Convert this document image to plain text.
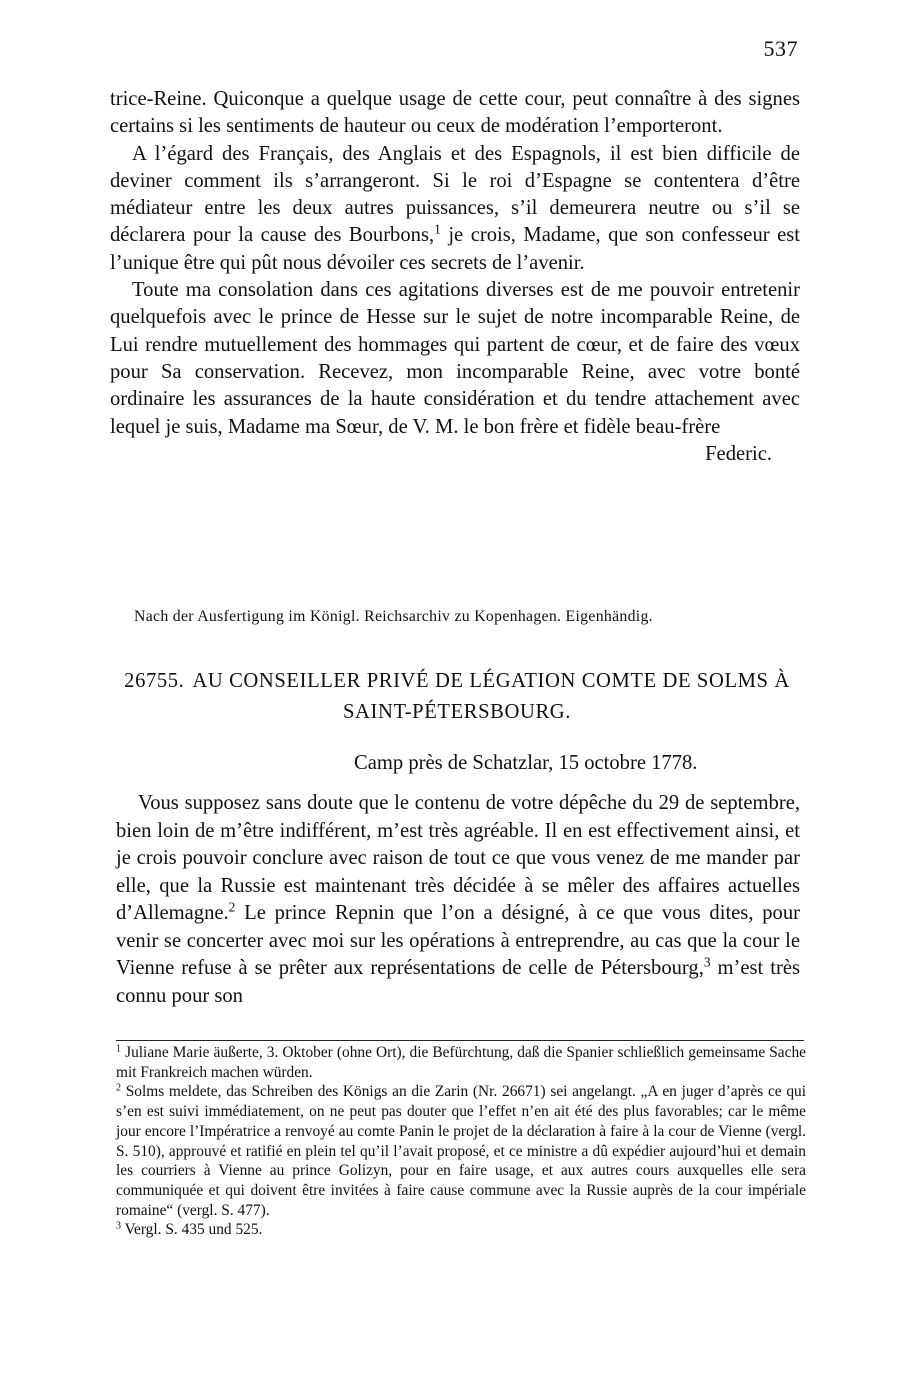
537

trice-Reine. Quiconque a quelque usage de cette cour, peut connaître à des signes certains si les sentiments de hauteur ou ceux de modération l’emporteront.

A l’égard des Français, des Anglais et des Espagnols, il est bien difficile de deviner comment ils s’arrangeront. Si le roi d’Espagne se contentera d’être médiateur entre les deux autres puissances, s’il demeurera neutre ou s’il se déclarera pour la cause des Bourbons,$^1$ je crois, Madame, que son confesseur est l’unique être qui pût nous dévoiler ces secrets de l’avenir.

Toute ma consolation dans ces agitations diverses est de me pouvoir entretenir quelquefois avec le prince de Hesse sur le sujet de notre incomparable Reine, de Lui rendre mutuellement des hommages qui partent de cœur, et de faire des vœux pour Sa conservation. Recevez, mon incomparable Reine, avec votre bonté ordinaire les assurances de la haute considération et du tendre attachement avec lequel je suis, Madame ma Sœur, de V. M. le bon frère et fidèle beau-frère

Federic.
Nach der Ausfertigung im Königl. Reichsarchiv zu Kopenhagen. Eigenhändig.
26755. AU CONSEILLER PRIVÉ DE LÉGATION COMTE DE SOLMS À SAINT-PÉTERSBOURG.
Camp près de Schatzlar, 15 octobre 1778.

Vous supposez sans doute que le contenu de votre dépêche du 29 de septembre, bien loin de m’être indifférent, m’est très agréable. Il en est effectivement ainsi, et je crois pouvoir conclure avec raison de tout ce que vous venez de me mander par elle, que la Russie est maintenant très décidée à se mêler des affaires actuelles d’Allemagne.$^2$ Le prince Repnin que l’on a désigné, à ce que vous dites, pour venir se concerter avec moi sur les opérations à entreprendre, au cas que la cour le Vienne refuse à se prêter aux représentations de celle de Pétersbourg,$^3$ m’est très connu pour son

$^1$ Juliane Marie äußerte, 3. Oktober (ohne Ort), die Befürchtung, daß die Spanier schließlich gemeinsame Sache mit Frankreich machen würden.

$^2$ Solms meldete, das Schreiben des Königs an die Zarin (Nr. 26671) sei angelangt. „A en juger d’après ce qui s’en est suivi immédiatement, on ne peut pas douter que l’effet n’en ait été des plus favorables; car le même jour encore l’Impératrice a renvoyé au comte Panin le projet de la déclaration à faire à la cour de Vienne (vergl. S. 510), approuvé et ratifié en plein tel qu’il l’avait proposé, et ce ministre a dû expédier aujourd’hui et demain les courriers à Vienne au prince Golizyn, pour en faire usage, et aux autres cours auxquelles elle sera communiquée et qui doivent être invitées à faire cause commune avec la Russie auprès de la cour impériale romaine“ (vergl. S. 477).

$^3$ Vergl. S. 435 und 525.
